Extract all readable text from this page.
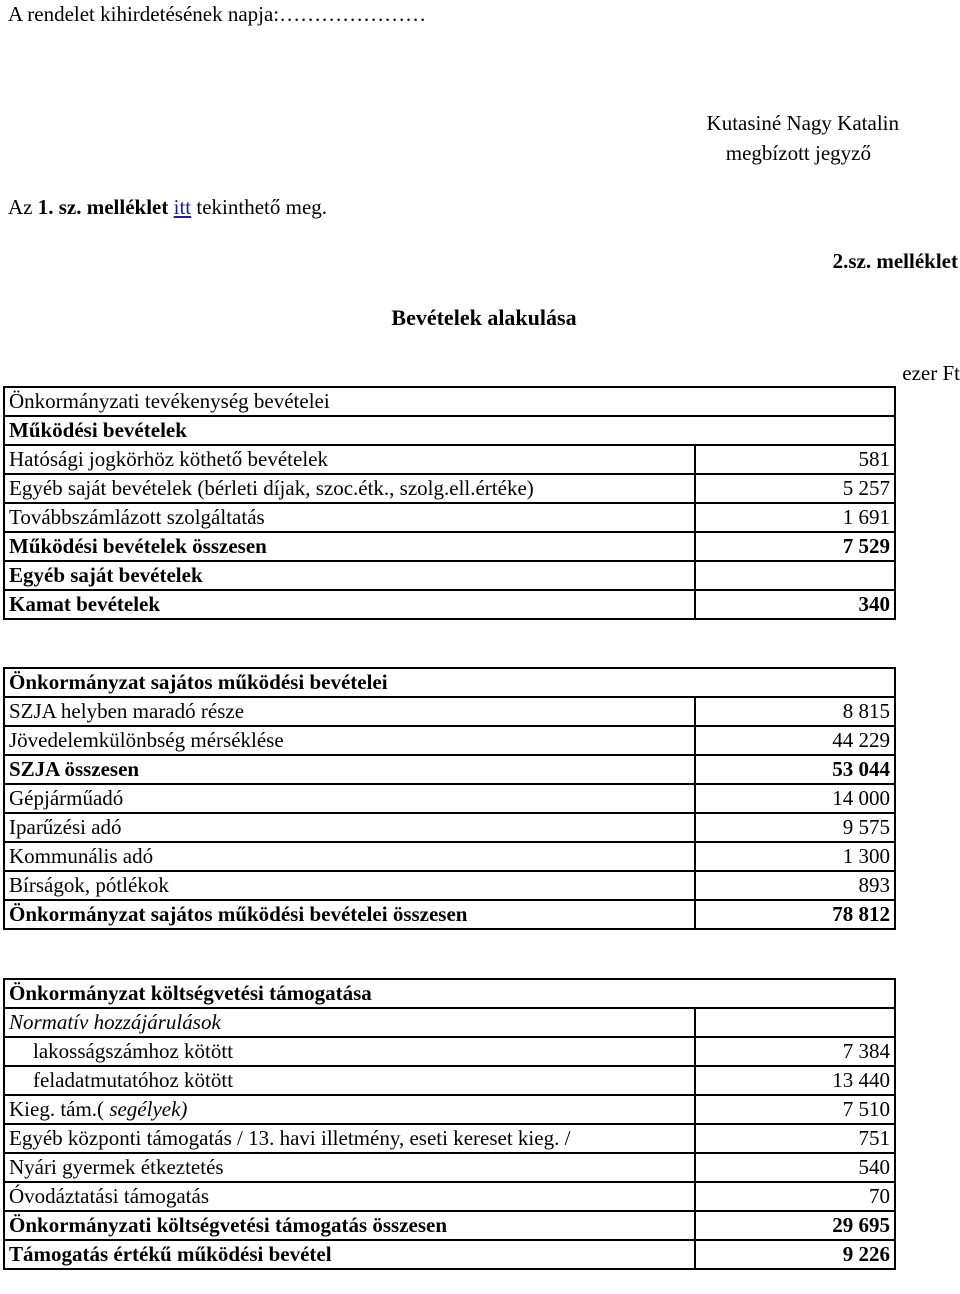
A rendelet kihirdetésének napja:…………………
Kutasiné Nagy Katalin
megbízott jegyző
Az 1. sz. melléklet itt tekinthető meg.
2.sz. melléklet
Bevételek alakulása
ezer Ft
Önkormányzati tevékenység bevételei	
Működési bevételek	
Hatósági jogkörhöz köthető bevételek	581
Egyéb saját bevételek (bérleti díjak, szoc.étk., szolg.ell.értéke)	5 257
Továbbszámlázott szolgáltatás	1 691
Működési bevételek összesen	7 529
Egyéb saját bevételek	
Kamat bevételek	340
Önkormányzat sajátos működési bevételei	
SZJA helyben maradó része	8 815
Jövedelemkülönbség mérséklése	44 229
SZJA összesen	53 044
Gépjárműadó	14 000
Iparűzési adó	9 575
Kommunális adó	1 300
Bírságok, pótlékok	893
Önkormányzat sajátos működési bevételei összesen	78 812
Önkormányzat költségvetési támogatása	
Normatív hozzájárulások	
lakosságszámhoz kötött	7 384
feladatmutatóhoz kötött	13 440
Kieg. tám.( segélyek)	7 510
Egyéb központi támogatás / 13. havi illetmény, eseti kereset kieg. /	751
Nyári gyermek étkeztetés	540
Óvodáztatási támogatás	70
Önkormányzati költségvetési támogatás összesen	29 695
Támogatás értékű működési bevétel	9 226
